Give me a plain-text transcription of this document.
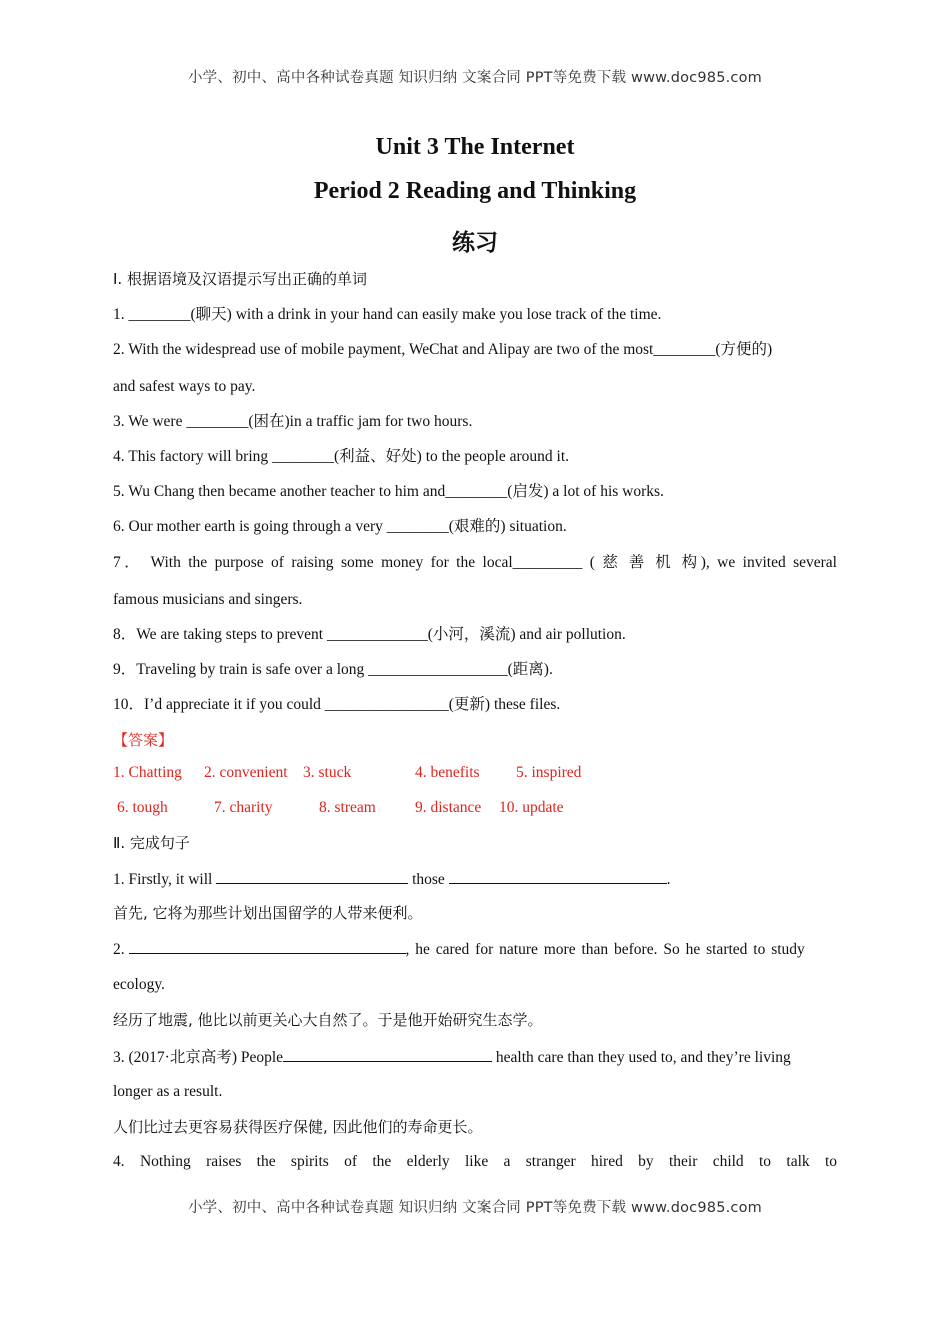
小学、初中、高中各种试卷真题 知识归纳 文案合同 PPT等免费下载 www.doc985.com
Unit 3 The Internet
Period 2 Reading and Thinking
练习
Ⅰ. 根据语境及汉语提示写出正确的单词
1. ________(聊天) with a drink in your hand can easily make you lose track of the time.
2. With the widespread use of mobile payment, WeChat and Alipay are two of the most________(方便的)
and safest ways to pay.
3. We were ________(困在)in a traffic jam for two hours.
4. This factory will bring ________(利益、好处) to the people around it.
5. Wu Chang then became another teacher to him and________(启发) a lot of his works.
6. Our mother earth is going through a very ________(艰难的) situation.
7． With the purpose of raising some money for the local_________ ( 慈 善 机 构), we invited several
famous musicians and singers.
8．We are taking steps to prevent _____________(小河，溪流) and air pollution.
9．Traveling by train is safe over a long __________________(距离).
10．I’d appreciate it if you could ________________(更新) these files.
【答案】
1. Chatting 2. convenient 3. stuck	4. benefits 5. inspired
6. tough	7. charity	8. stream	9. distance 10. update
Ⅱ. 完成句子
1. Firstly, it will	those	.
首先, 它将为那些计划出国留学的人带来便利。
2.	, he cared for nature more than before. So he started to study
ecology.
经历了地震, 他比以前更关心大自然了。于是他开始研究生态学。
3. (2017·北京高考) People	health care than they used to, and they’re living
longer as a result.
人们比过去更容易获得医疗保健, 因此他们的寿命更长。
4. Nothing raises the spirits of the elderly like a stranger hired by their child to talk to
小学、初中、高中各种试卷真题 知识归纳 文案合同 PPT等免费下载 www.doc985.com
